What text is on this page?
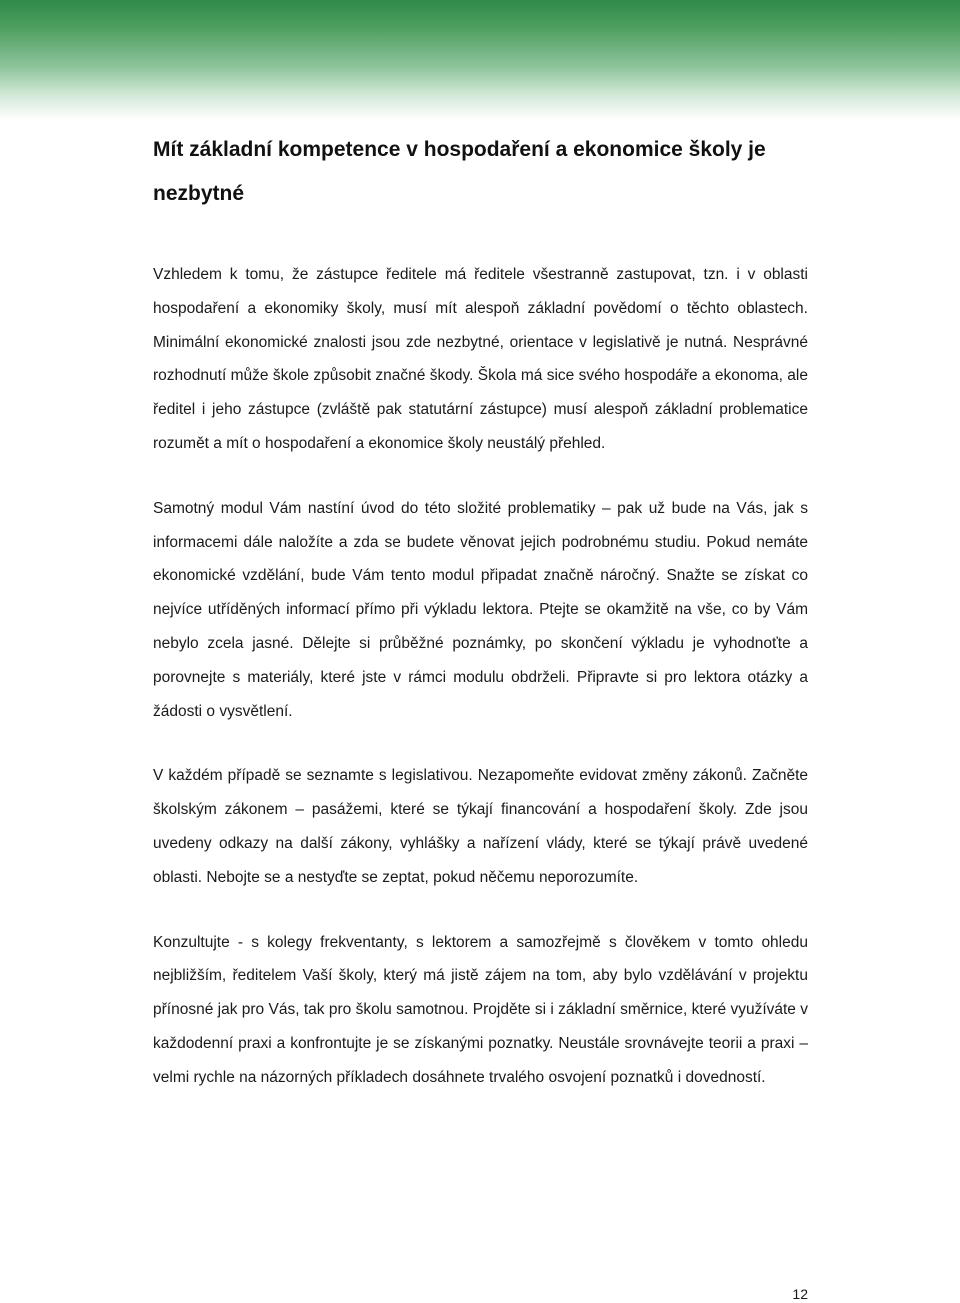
Mít základní kompetence v hospodaření a ekonomice školy je nezbytné

Vzhledem k tomu, že zástupce ředitele má ředitele všestranně zastupovat, tzn. i v oblasti hospodaření a ekonomiky školy, musí mít alespoň základní povědomí o těchto oblastech. Minimální ekonomické znalosti jsou zde nezbytné, orientace v legislativě je nutná. Nesprávné rozhodnutí může škole způsobit značné škody. Škola má sice svého hospodáře a ekonoma, ale ředitel i jeho zástupce (zvláště pak statutární zástupce) musí alespoň základní problematice rozumět a mít o hospodaření a ekonomice školy neustálý přehled.

Samotný modul Vám nastíní úvod do této složité problematiky – pak už bude na Vás, jak s informacemi dále naložíte a zda se budete věnovat jejich podrobnému studiu. Pokud nemáte ekonomické vzdělání, bude Vám tento modul připadat značně náročný. Snažte se získat co nejvíce utříděných informací přímo při výkladu lektora. Ptejte se okamžitě na vše, co by Vám nebylo zcela jasné. Dělejte si průběžné poznámky, po skončení výkladu je vyhodnoťte a porovnejte s materiály, které jste v rámci modulu obdrželi. Připravte si pro lektora otázky a žádosti o vysvětlení.

V každém případě se seznamte s legislativou. Nezapomeňte evidovat změny zákonů. Začněte školským zákonem – pasážemi, které se týkají financování a hospodaření školy. Zde jsou uvedeny odkazy na další zákony, vyhlášky a nařízení vlády, které se týkají právě uvedené oblasti. Nebojte se a nestyďte se zeptat, pokud něčemu neporozumíte.

Konzultujte - s kolegy frekventanty, s lektorem a samozřejmě s člověkem v tomto ohledu nejbližším, ředitelem Vaší školy, který má jistě zájem na tom, aby bylo vzdělávání v projektu přínosné jak pro Vás, tak pro školu samotnou. Projděte si i základní směrnice, které využíváte v každodenní praxi a konfrontujte je se získanými poznatky. Neustále srovnávejte teorii a praxi – velmi rychle na názorných příkladech dosáhnete trvalého osvojení poznatků i dovedností.

12
